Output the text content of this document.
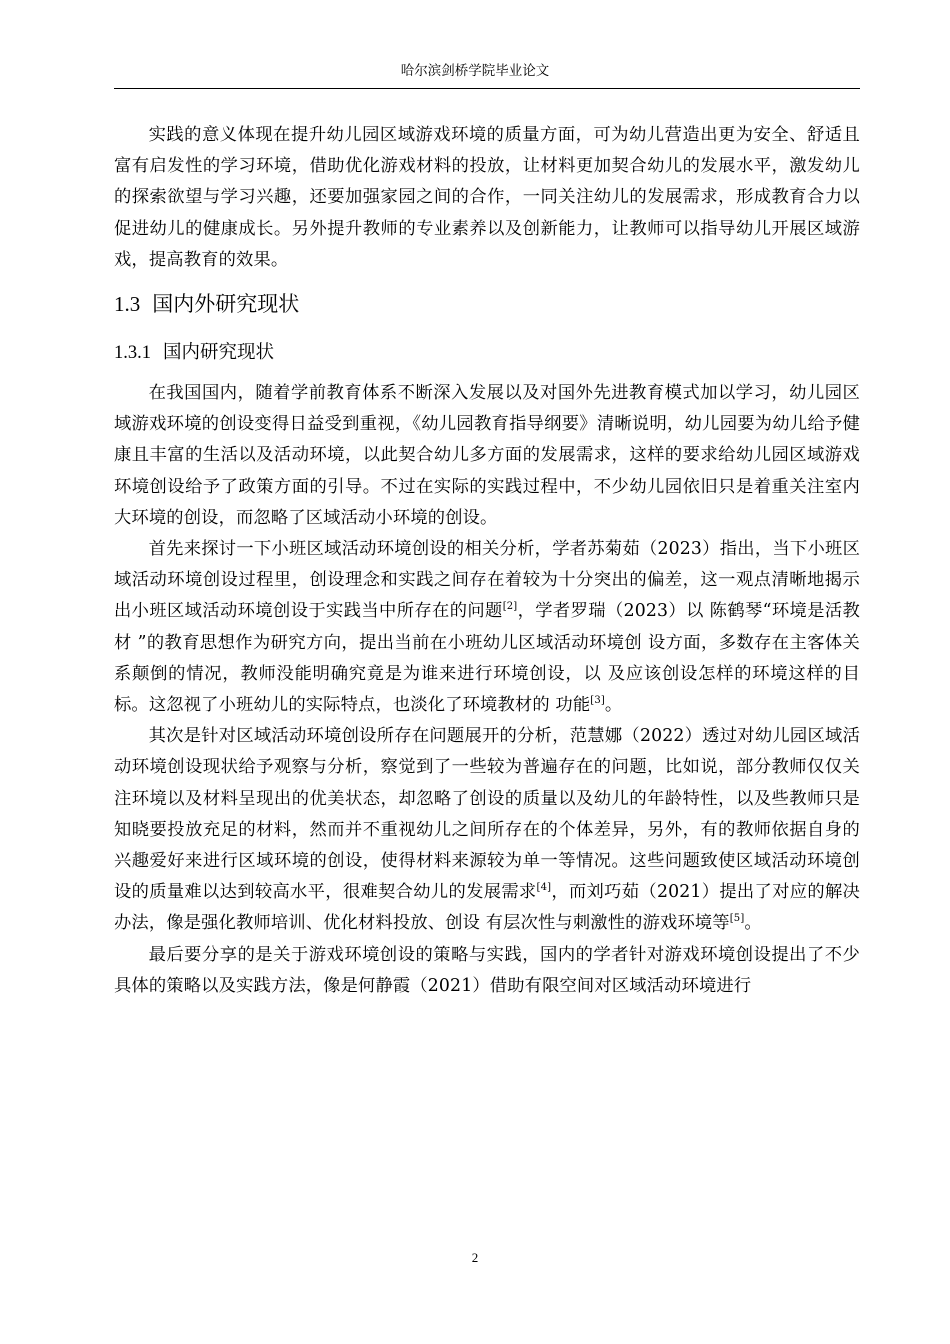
哈尔滨剑桥学院毕业论文

实践的意义体现在提升幼儿园区域游戏环境的质量方面，可为幼儿营造出更为安全、舒适且富有启发性的学习环境，借助优化游戏材料的投放，让材料更加契合幼儿的发展水平，激发幼儿的探索欲望与学习兴趣，还要加强家园之间的合作，一同关注幼儿的发展需求，形成教育合力以促进幼儿的健康成长。另外提升教师的专业素养以及创新能力，让教师可以指导幼儿开展区域游戏，提高教育的效果。

1.3 国内外研究现状
1.3.1 国内研究现状

在我国国内，随着学前教育体系不断深入发展以及对国外先进教育模式加以学习，幼儿园区域游戏环境的创设变得日益受到重视，《幼儿园教育指导纲要》清晰说明，幼儿园要为幼儿给予健康且丰富的生活以及活动环境，以此契合幼儿多方面的发展需求，这样的要求给幼儿园区域游戏环境创设给予了政策方面的引导。不过在实际的实践过程中，不少幼儿园依旧只是着重关注室内大环境的创设，而忽略了区域活动小环境的创设。

首先来探讨一下小班区域活动环境创设的相关分析，学者苏菊茹（2023）指出，当下小班区域活动环境创设过程里，创设理念和实践之间存在着较为十分突出的偏差，这一观点清晰地揭示出小班区域活动环境创设于实践当中所存在的问题[2]，学者罗瑞（2023）以 陈鹤琴“环境是活教材 ”的教育思想作为研究方向，提出当前在小班幼儿区域活动环境创 设方面，多数存在主客体关系颠倒的情况，教师没能明确究竟是为谁来进行环境创设，以 及应该创设怎样的环境这样的目标。这忽视了小班幼儿的实际特点，也淡化了环境教材的 功能[3]。

其次是针对区域活动环境创设所存在问题展开的分析，范慧娜（2022）透过对幼儿园区域活动环境创设现状给予观察与分析，察觉到了一些较为普遍存在的问题，比如说，部分教师仅仅关注环境以及材料呈现出的优美状态，却忽略了创设的质量以及幼儿的年龄特性，以及些教师只是知晓要投放充足的材料，然而并不重视幼儿之间所存在的个体差异，另外，有的教师依据自身的兴趣爱好来进行区域环境的创设，使得材料来源较为单一等情况。这些问题致使区域活动环境创设的质量难以达到较高水平，很难契合幼儿的发展需求[4]，而刘巧茹（2021）提出了对应的解决办法，像是强化教师培训、优化材料投放、创设 有层次性与刺激性的游戏环境等[5]。

最后要分享的是关于游戏环境创设的策略与实践，国内的学者针对游戏环境创设提出了不少具体的策略以及实践方法，像是何静霞（2021）借助有限空间对区域活动环境进行

2
